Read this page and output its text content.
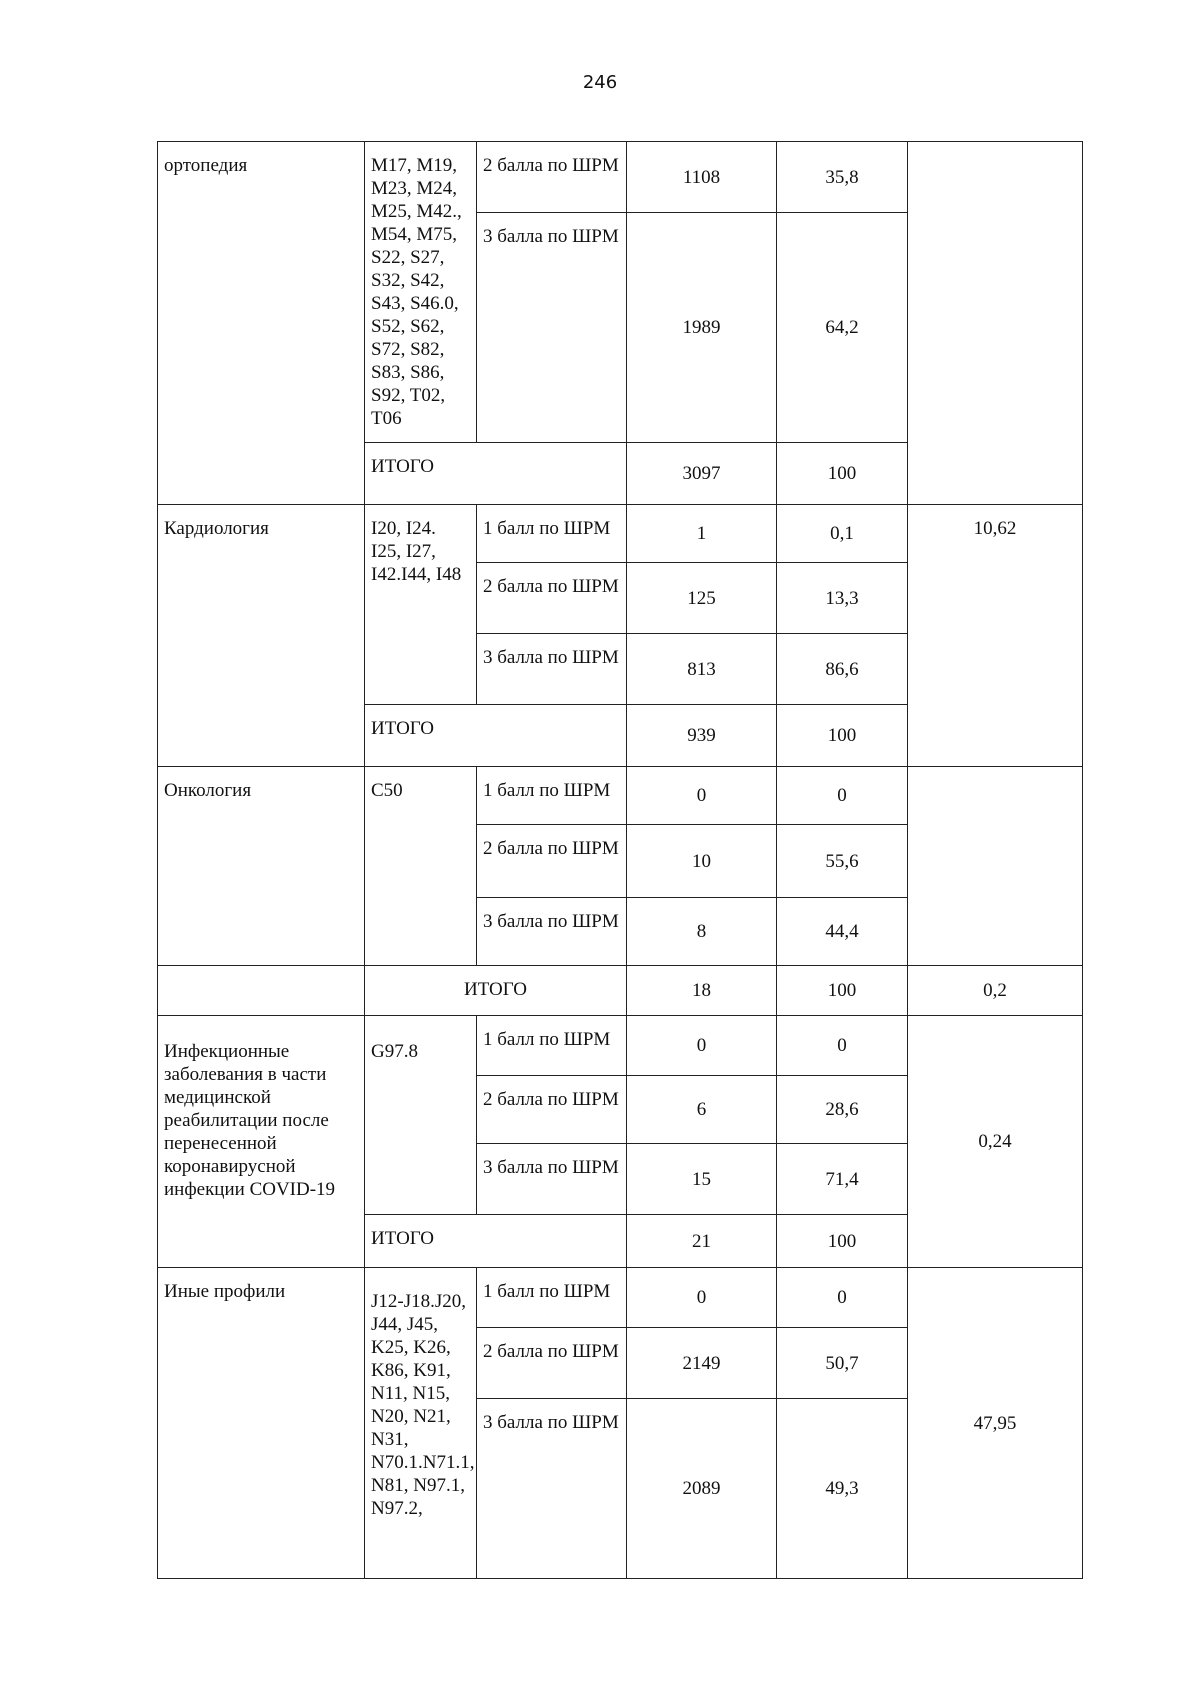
246
ортопедия	M17, M19, M23, M24, M25, M42., M54, M75, S22, S27, S32, S42, S43, S46.0, S52, S62, S72, S82, S83, S86, S92, T02, T06	2 балла по ШРМ	1108	35,8	
		3 балла по ШРМ	1989	64,2	
	ИТОГО		3097	100	
Кардиология	I20, I24. I25, I27, I42.I44, I48	1 балл по ШРМ	1	0,1	10,62
		2 балла по ШРМ	125	13,3	
		3 балла по ШРМ	813	86,6	
	ИТОГО		939	100	
Онкология	C50	1 балл по ШРМ	0	0	
		2 балла по ШРМ	10	55,6	
		3 балла по ШРМ	8	44,4	
	ИТОГО		18	100	0,2
Инфекционные заболевания в части медицинской реабилитации после перенесенной коронавирусной инфекции COVID-19	G97.8	1 балл по ШРМ	0	0	0,24
		2 балла по ШРМ	6	28,6	
		3 балла по ШРМ	15	71,4	
	ИТОГО		21	100	
Иные профили	J12-J18.J20, J44, J45, K25, K26, K86, K91, N11, N15, N20, N21, N31, N70.1.N71.1, N81, N97.1, N97.2,	1 балл по ШРМ	0	0	47,95
		2 балла по ШРМ	2149	50,7	
		3 балла по ШРМ	2089	49,3	
